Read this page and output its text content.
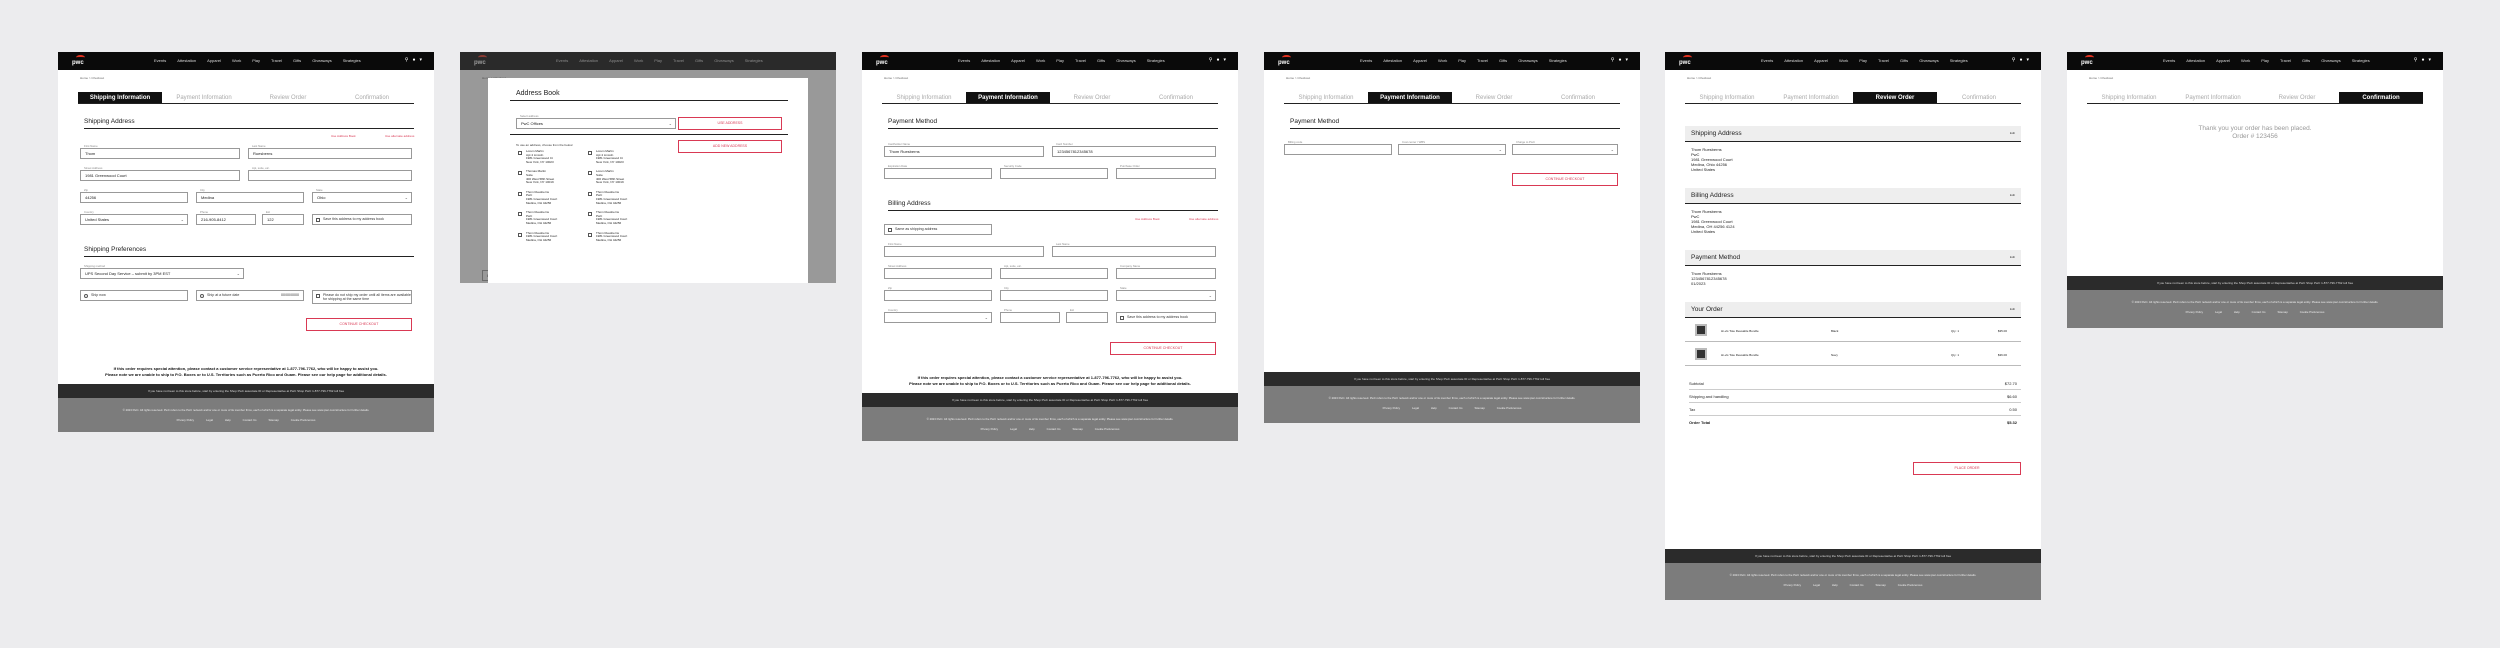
pwc	Events	Attestation	Apparel	Work	Play	Travel	Gifts	Giveaways	Strategies	⚲ ● ▾
Home > Checkout
Shipping Information	Payment Information	Review Order	Confirmation
Shipping Address
Use Address Book	Use alternate address
First Name
Thom
Last Name
Ruesberns
Street Address
1981 Greenwood Court
Apt, suite, etc.
Zip
44256
City
Medina
State
Ohio	⌄
Country
United States	⌄
Phone
216-905-8412
Ext
122	Save this address to my address book
Shipping Preferences
Shipping method
UPS Second Day Service – submit by 3PM EST	⌄
Ship now	Ship at a future date	00/00/0000	Please do not ship my order until all items are available for shipping at the same time
CONTINUE CHECKOUT
If this order requires special attention, please contact a customer service representative at 1-877-796-7762, who will be happy to assist you.
Please note we are unable to ship to P.O. Boxes or to U.S. Territories such as Puerto Rico and Guam. Please see our help page for additional details.
If you have not been to this store before, start by entering the Shop PwC associate ID or Representative at PwC Shop PwC 1-877-796-7762 toll free
© 2023 PwC. All rights reserved. PwC refers to the PwC network and/or one or more of its member firms, each of which is a separate legal entity. Please see www.pwc.com/structure for further details.
Privacy Policy	Legal	Help	Contact Us	Sitemap	Cookie Preferences
Address Book
Select address
PwC Offices	⌄	USE ADDRESS
ADD NEW ADDRESS
To use an address, choose from the below:
Lorem Martin
Apt 4 Lincoln
1981 Greenwood Ct
New York, NY 10023
Lorem Martin
Apt 4 Lincoln
1981 Greenwood Ct
New York, NY 10023
Thomas Martin
Suite
400 West 58th Street
New York, NY 10019
Lorem Martin
Suite
400 West 58th Street
New York, NY 10019
Thom Ruesberns
PwC
1981 Greenwood Court
Medina, OH 44256
Thom Ruesberns
PwC
1981 Greenwood Court
Medina, OH 44256
Thom Ruesberns
PwC
1981 Greenwood Court
Medina, OH 44256
Thom Ruesberns
PwC
1981 Greenwood Court
Medina, OH 44256
Thom Ruesberns
1981 Greenwood Court
Medina, OH 44256
Thom Ruesberns
1981 Greenwood Court
Medina, OH 44256
pwc	Events	Attestation	Apparel	Work	Play	Travel	Gifts	Giveaways	Strategies	⚲ ● ▾
Home > Checkout
Shipping Information	Payment Information	Review Order	Confirmation
Payment Method
Cardholder Name
Thom Ruesberns
Card Number
1234567812345678
Expiration Date	Security Code	Purchase Order
Billing Address
Use Address Book	Use alternate address
Same as shipping address
First Name	Last Name
Street Address	Apt, suite, etc.	Company Name
Zip	City	State
⌄
Country
⌄
Phone	Ext
Save this address to my address book
CONTINUE CHECKOUT
If this order requires special attention, please contact a customer service representative at 1-877-796-7762, who will be happy to assist you.
Please note we are unable to ship to P.O. Boxes or to U.S. Territories such as Puerto Rico and Guam. Please see our help page for additional details.
If you have not been to this store before, start by entering the Shop PwC associate ID or Representative at PwC Shop PwC 1-877-796-7762 toll free
© 2023 PwC. All rights reserved. PwC refers to the PwC network and/or one or more of its member firms, each of which is a separate legal entity. Please see www.pwc.com/structure for further details.
Privacy Policy	Legal	Help	Contact Us	Sitemap	Cookie Preferences
pwc	Events	Attestation	Apparel	Work	Play	Travel	Gifts	Giveaways	Strategies	⚲ ● ▾
Home > Checkout
Shipping Information	Payment Information	Review Order	Confirmation
Payment Method
Billing code	Cost center / WBS
⌄
Charge to PwC
⌄
CONTINUE CHECKOUT
If you have not been to this store before, start by entering the Shop PwC associate ID or Representative at PwC Shop PwC 1-877-796-7762 toll free
© 2023 PwC. All rights reserved. PwC refers to the PwC network and/or one or more of its member firms, each of which is a separate legal entity. Please see www.pwc.com/structure for further details.
Privacy Policy	Legal	Help	Contact Us	Sitemap	Cookie Preferences
pwc	Events	Attestation	Apparel	Work	Play	Travel	Gifts	Giveaways	Strategies	⚲ ● ▾
Home > Checkout
Shipping Information	Payment Information	Review Order	Confirmation
Shipping Address	Edit
Thom Ruesberns
PwC
1981 Greenwood Court
Medina, Ohio 44256
United States
Billing Address	Edit
Thom Ruesberns
PwC
1981 Greenwood Court
Medina, OH 44256 4124
United States
Payment Method	Edit
Thom Ruesberns
1234567812345678
01/2023
Your Order	Edit
Hi-vis Tote Reusable Bundle	Black	Qty: 1	$35.00
Hi-vis Tote Reusable Bundle	Navy	Qty: 1	$36.00
Subtotal	$72.70
Shipping and handling	$6.60
Tax	0.50
Order Total	$5.32
PLACE ORDER
If you have not been to this store before, start by entering the Shop PwC associate ID or Representative at PwC Shop PwC 1-877-796-7762 toll free
© 2023 PwC. All rights reserved. PwC refers to the PwC network and/or one or more of its member firms, each of which is a separate legal entity. Please see www.pwc.com/structure for further details.
Privacy Policy	Legal	Help	Contact Us	Sitemap	Cookie Preferences
pwc	Events	Attestation	Apparel	Work	Play	Travel	Gifts	Giveaways	Strategies	⚲ ● ▾
Home > Checkout
Shipping Information	Payment Information	Review Order	Confirmation
Thank you your order has been placed.
Order # 123456
If you have not been to this store before, start by entering the Shop PwC associate ID or Representative at PwC Shop PwC 1-877-796-7762 toll free
© 2023 PwC. All rights reserved. PwC refers to the PwC network and/or one or more of its member firms, each of which is a separate legal entity. Please see www.pwc.com/structure for further details.
Privacy Policy	Legal	Help	Contact Us	Sitemap	Cookie Preferences
